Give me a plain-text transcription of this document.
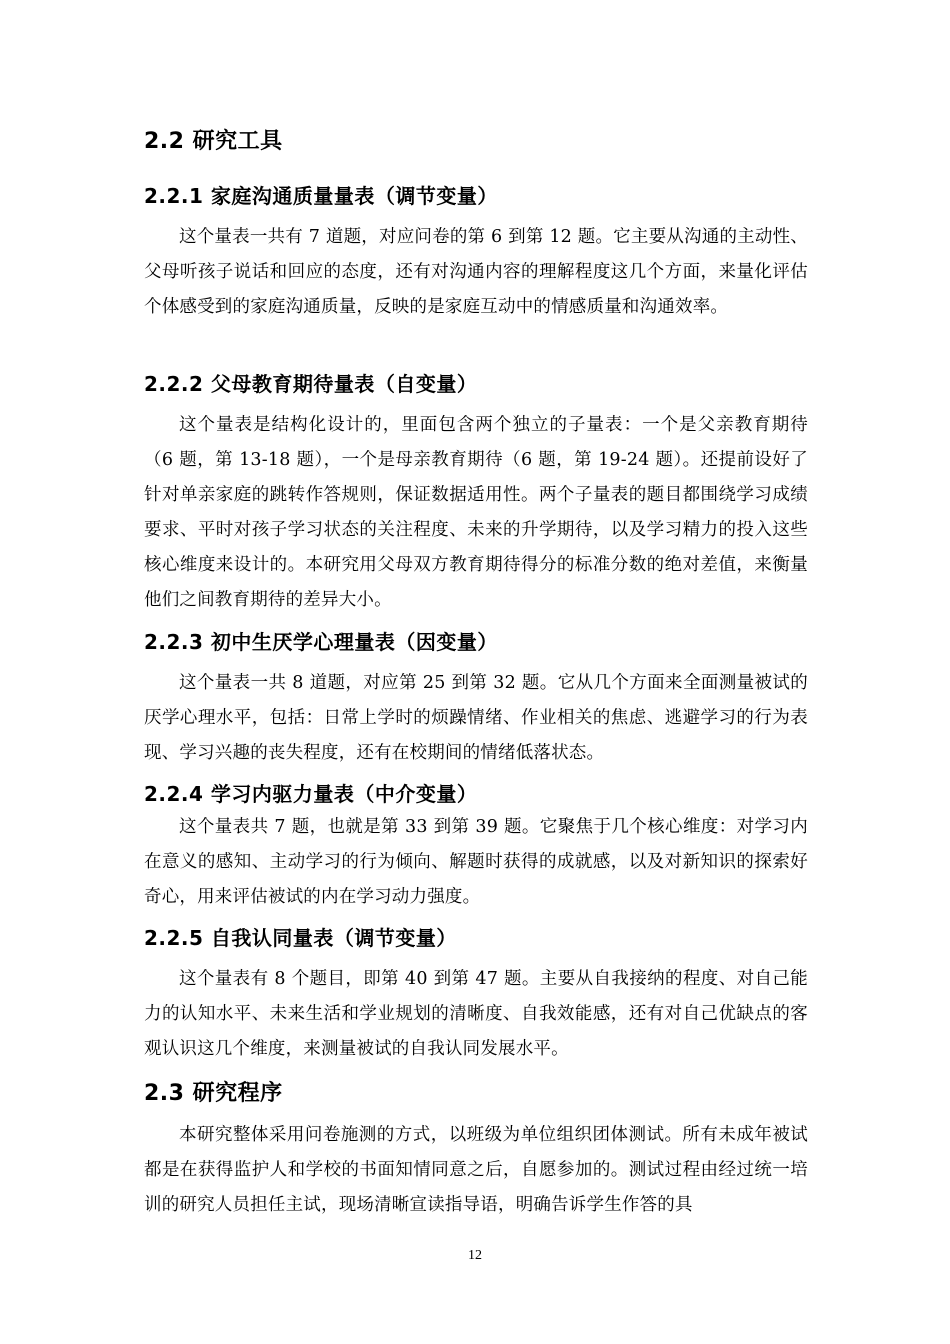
2.2 研究工具
2.2.1 家庭沟通质量量表（调节变量）

这个量表一共有 7 道题，对应问卷的第 6 到第 12 题。它主要从沟通的主动性、父母听孩子说话和回应的态度，还有对沟通内容的理解程度这几个方面，来量化评估个体感受到的家庭沟通质量，反映的是家庭互动中的情感质量和沟通效率。

2.2.2 父母教育期待量表（自变量）

这个量表是结构化设计的，里面包含两个独立的子量表：一个是父亲教育期待（6 题，第 13-18 题），一个是母亲教育期待（6 题，第 19-24 题）。还提前设好了针对单亲家庭的跳转作答规则，保证数据适用性。两个子量表的题目都围绕学习成绩要求、平时对孩子学习状态的关注程度、未来的升学期待，以及学习精力的投入这些核心维度来设计的。本研究用父母双方教育期待得分的标准分数的绝对差值，来衡量他们之间教育期待的差异大小。

2.2.3 初中生厌学心理量表（因变量）

这个量表一共 8 道题，对应第 25 到第 32 题。它从几个方面来全面测量被试的厌学心理水平，包括：日常上学时的烦躁情绪、作业相关的焦虑、逃避学习的行为表现、学习兴趣的丧失程度，还有在校期间的情绪低落状态。

2.2.4 学习内驱力量表（中介变量）

这个量表共 7 题，也就是第 33 到第 39 题。它聚焦于几个核心维度：对学习内在意义的感知、主动学习的行为倾向、解题时获得的成就感，以及对新知识的探索好奇心，用来评估被试的内在学习动力强度。

2.2.5 自我认同量表（调节变量）

这个量表有 8 个题目，即第 40 到第 47 题。主要从自我接纳的程度、对自己能力的认知水平、未来生活和学业规划的清晰度、自我效能感，还有对自己优缺点的客观认识这几个维度，来测量被试的自我认同发展水平。

2.3 研究程序

本研究整体采用问卷施测的方式，以班级为单位组织团体测试。所有未成年被试都是在获得监护人和学校的书面知情同意之后，自愿参加的。测试过程由经过统一培训的研究人员担任主试，现场清晰宣读指导语，明确告诉学生作答的具

12
